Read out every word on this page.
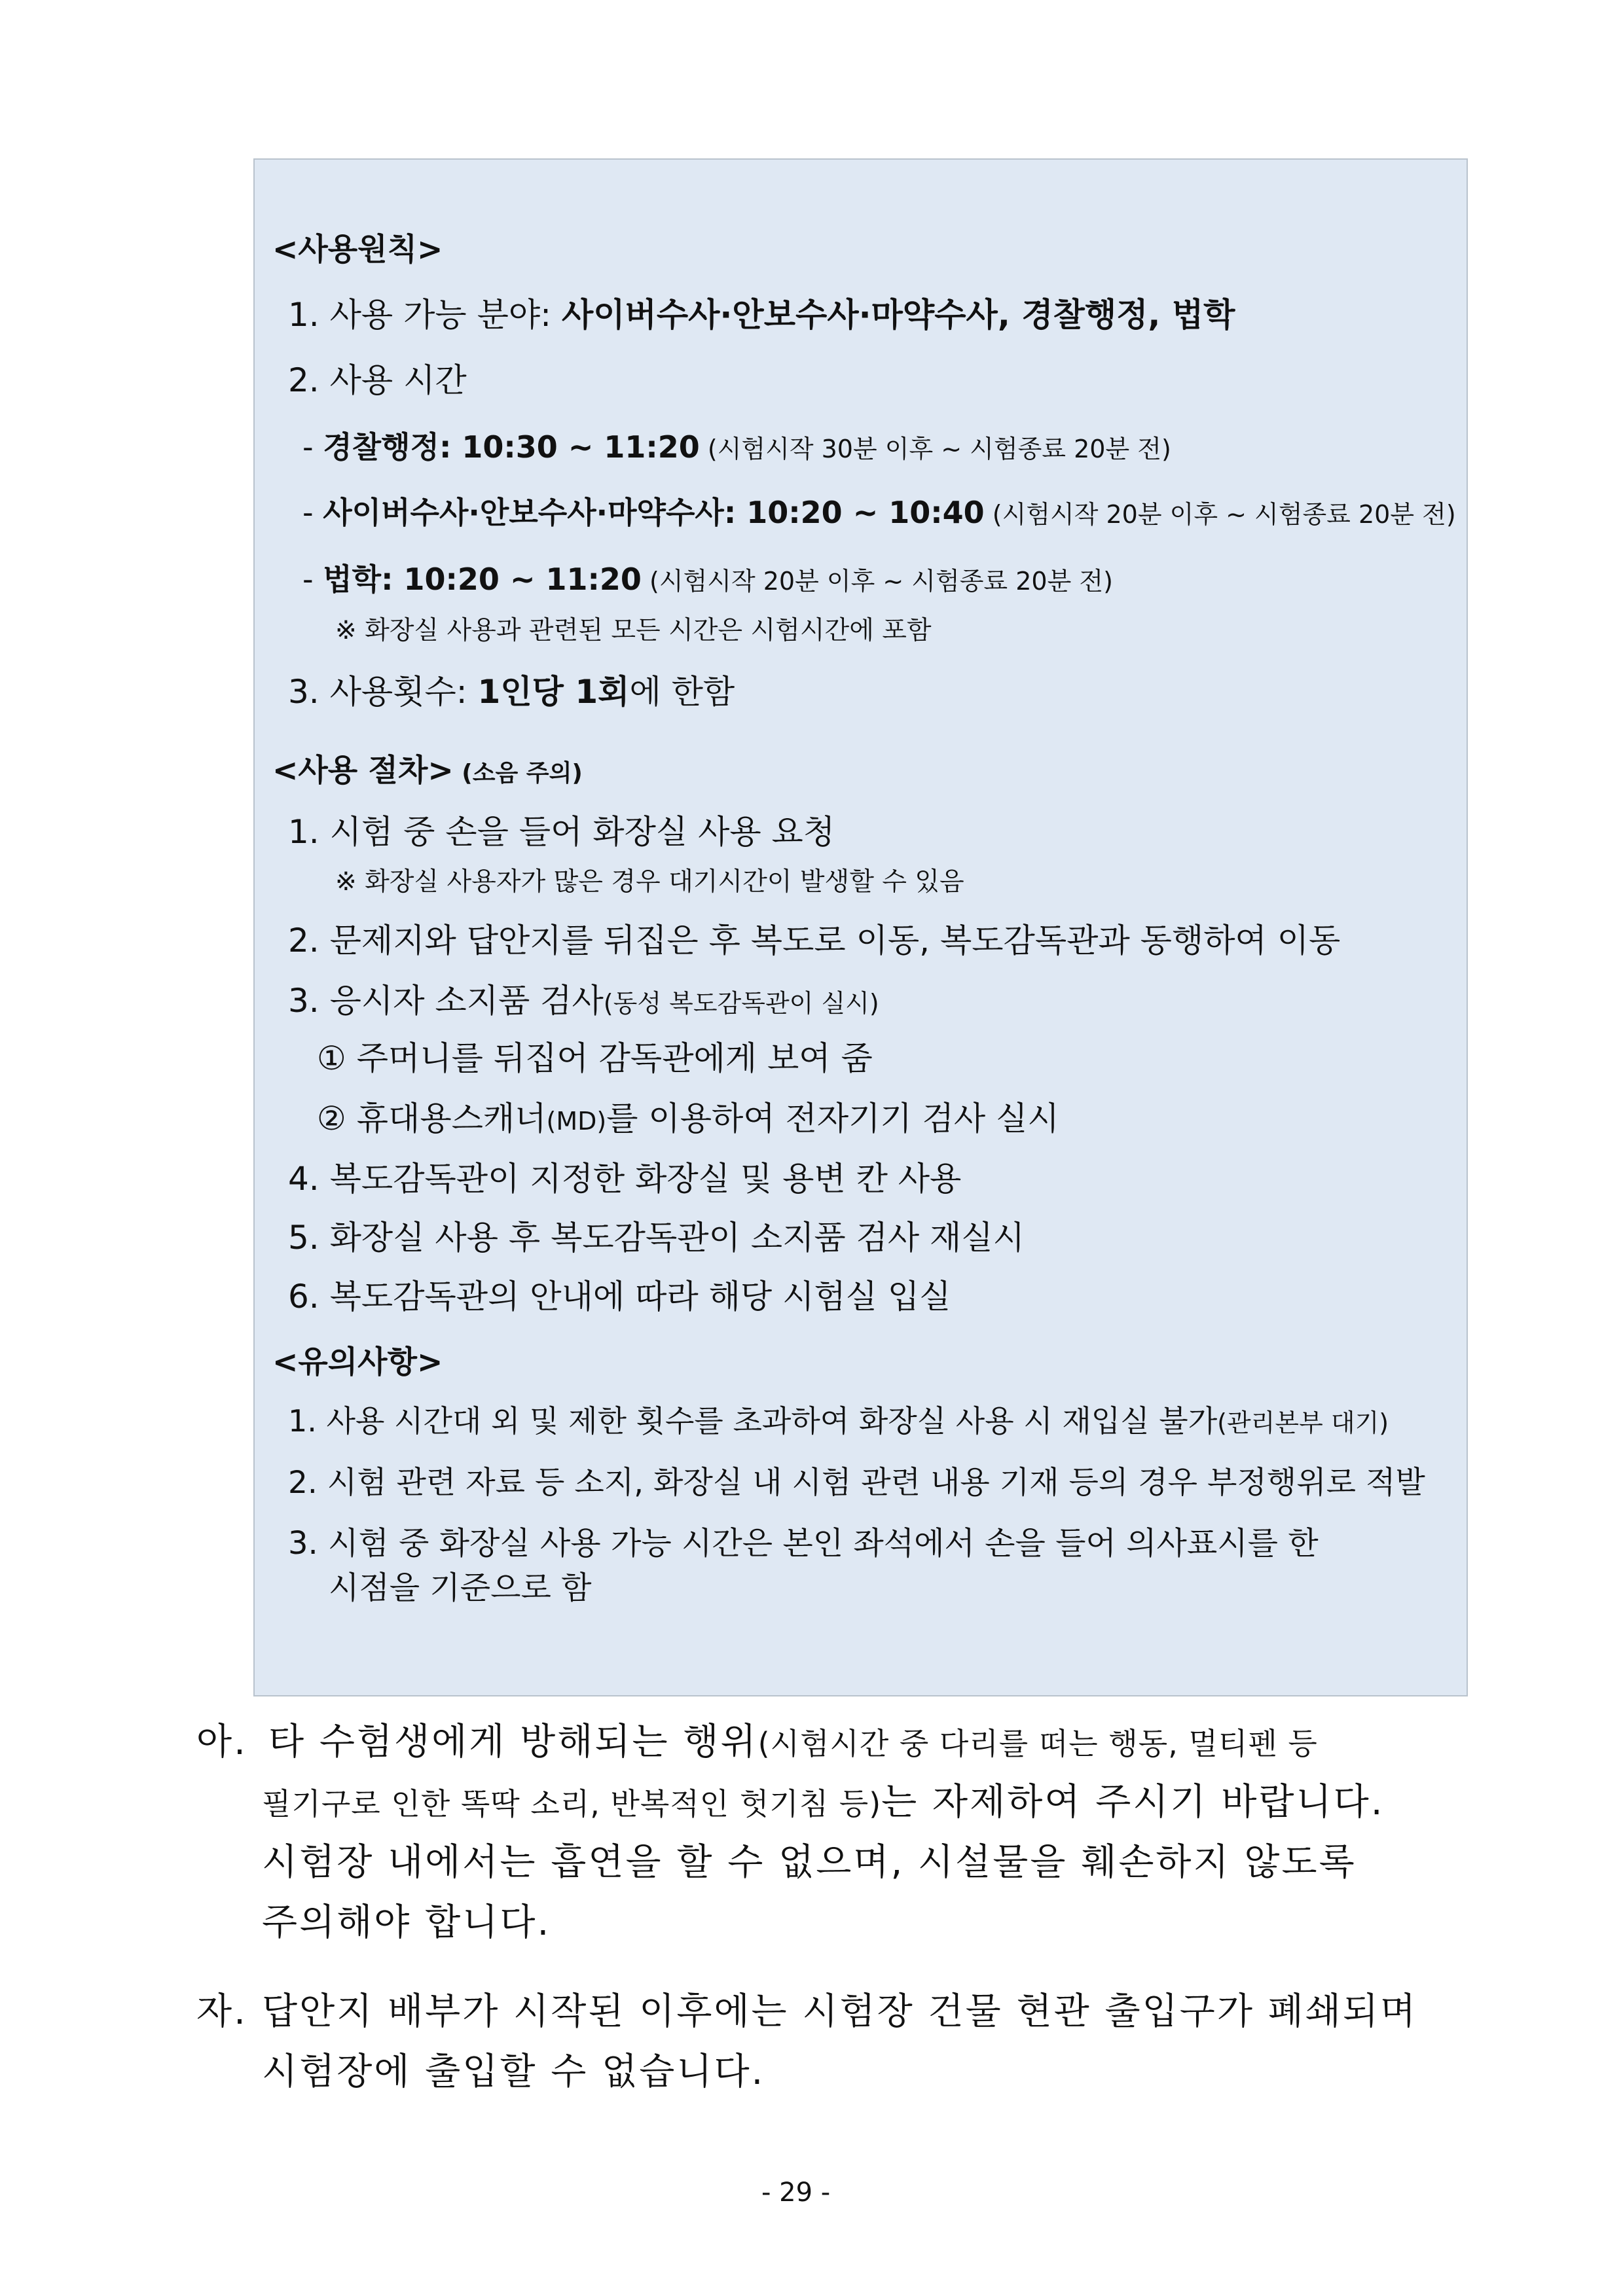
<사용원칙>
1. 사용 가능 분야: 사이버수사·안보수사·마약수사, 경찰행정, 법학
2. 사용 시간
- 경찰행정: 10:30 ~ 11:20 (시험시작 30분 이후 ~ 시험종료 20분 전)
- 사이버수사·안보수사·마약수사: 10:20 ~ 10:40 (시험시작 20분 이후 ~ 시험종료 20분 전)
- 법학: 10:20 ~ 11:20 (시험시작 20분 이후 ~ 시험종료 20분 전)
※ 화장실 사용과 관련된 모든 시간은 시험시간에 포함
3. 사용횟수: 1인당 1회에 한함
<사용 절차> (소음 주의)
1. 시험 중 손을 들어 화장실 사용 요청
※ 화장실 사용자가 많은 경우 대기시간이 발생할 수 있음
2. 문제지와 답안지를 뒤집은 후 복도로 이동, 복도감독관과 동행하여 이동
3. 응시자 소지품 검사(동성 복도감독관이 실시)
① 주머니를 뒤집어 감독관에게 보여 줌
② 휴대용스캐너(MD)를 이용하여 전자기기 검사 실시
4. 복도감독관이 지정한 화장실 및 용변 칸 사용
5. 화장실 사용 후 복도감독관이 소지품 검사 재실시
6. 복도감독관의 안내에 따라 해당 시험실 입실
<유의사항>
1. 사용 시간대 외 및 제한 횟수를 초과하여 화장실 사용 시 재입실 불가(관리본부 대기)
2. 시험 관련 자료 등 소지, 화장실 내 시험 관련 내용 기재 등의 경우 부정행위로 적발
3. 시험 중 화장실 사용 가능 시간은 본인 좌석에서 손을 들어 의사표시를 한
시점을 기준으로 함
아. 타 수험생에게 방해되는 행위(시험시간 중 다리를 떠는 행동, 멀티펜 등
필기구로 인한 똑딱 소리, 반복적인 헛기침 등)는 자제하여 주시기 바랍니다.
시험장 내에서는 흡연을 할 수 없으며, 시설물을 훼손하지 않도록
주의해야 합니다.
자. 답안지 배부가 시작된 이후에는 시험장 건물 현관 출입구가 폐쇄되며
시험장에 출입할 수 없습니다.
- 29 -
